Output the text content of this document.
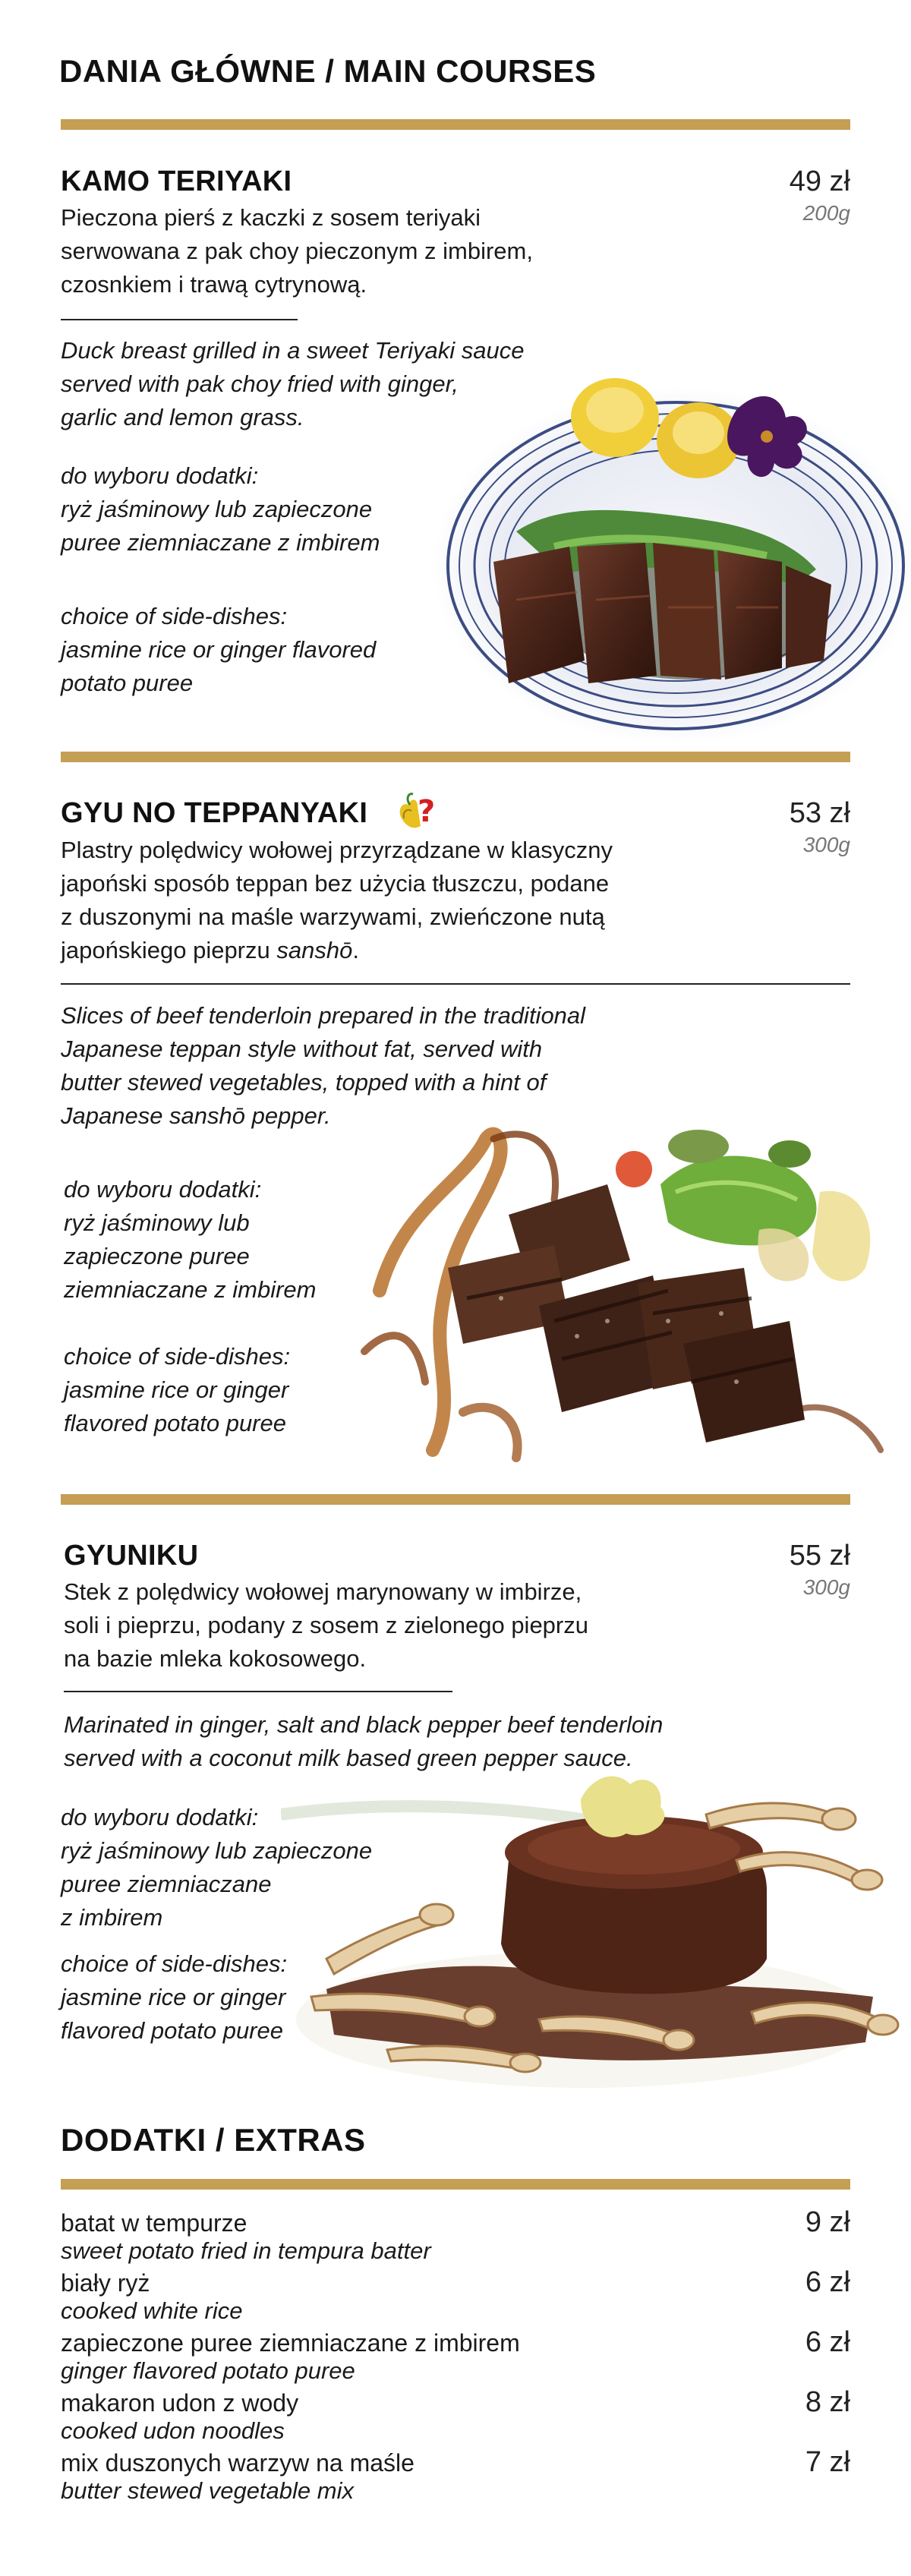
DANIA GŁÓWNE / MAIN COURSES
KAMO TERIYAKI	49 zł
200g
Pieczona pierś z kaczki z sosem teriyaki
serwowana z pak choy pieczonym z imbirem,
czosnkiem i trawą cytrynową.
Duck breast grilled in a sweet Teriyaki sauce
served with pak choy fried with ginger,
garlic and lemon grass.
do wyboru dodatki:
ryż jaśminowy lub zapieczone
puree ziemniaczane z imbirem
choice of side-dishes:
jasmine rice or ginger flavored
potato puree
GYU NO TEPPANYAKI ?	53 zł
300g
Plastry polędwicy wołowej przyrządzane w klasyczny
japoński sposób teppan bez użycia tłuszczu, podane
z duszonymi na maśle warzywami, zwieńczone nutą
japońskiego pieprzu sanshō.
Slices of beef tenderloin prepared in the traditional
Japanese teppan style without fat, served with
butter stewed vegetables, topped with a hint of
Japanese sanshō pepper.
do wyboru dodatki:
ryż jaśminowy lub
zapieczone puree
ziemniaczane z imbirem
choice of side-dishes:
jasmine rice or ginger
flavored potato puree
GYUNIKU	55 zł
300g
Stek z polędwicy wołowej marynowany w imbirze,
soli i pieprzu, podany z sosem z zielonego pieprzu
na bazie mleka kokosowego.
Marinated in ginger, salt and black pepper beef tenderloin
served with a coconut milk based green pepper sauce.
do wyboru dodatki:
ryż jaśminowy lub zapieczone
puree ziemniaczane
z imbirem
choice of side-dishes:
jasmine rice or ginger
flavored potato puree
DODATKI / EXTRAS
batat w tempurze
sweet potato fried in tempura batter
9 zł
biały ryż
cooked white rice
6 zł
zapieczone puree ziemniaczane z imbirem
ginger flavored potato puree
6 zł
makaron udon z wody
cooked udon noodles
8 zł
mix duszonych warzyw na maśle
butter stewed vegetable mix
7 zł
